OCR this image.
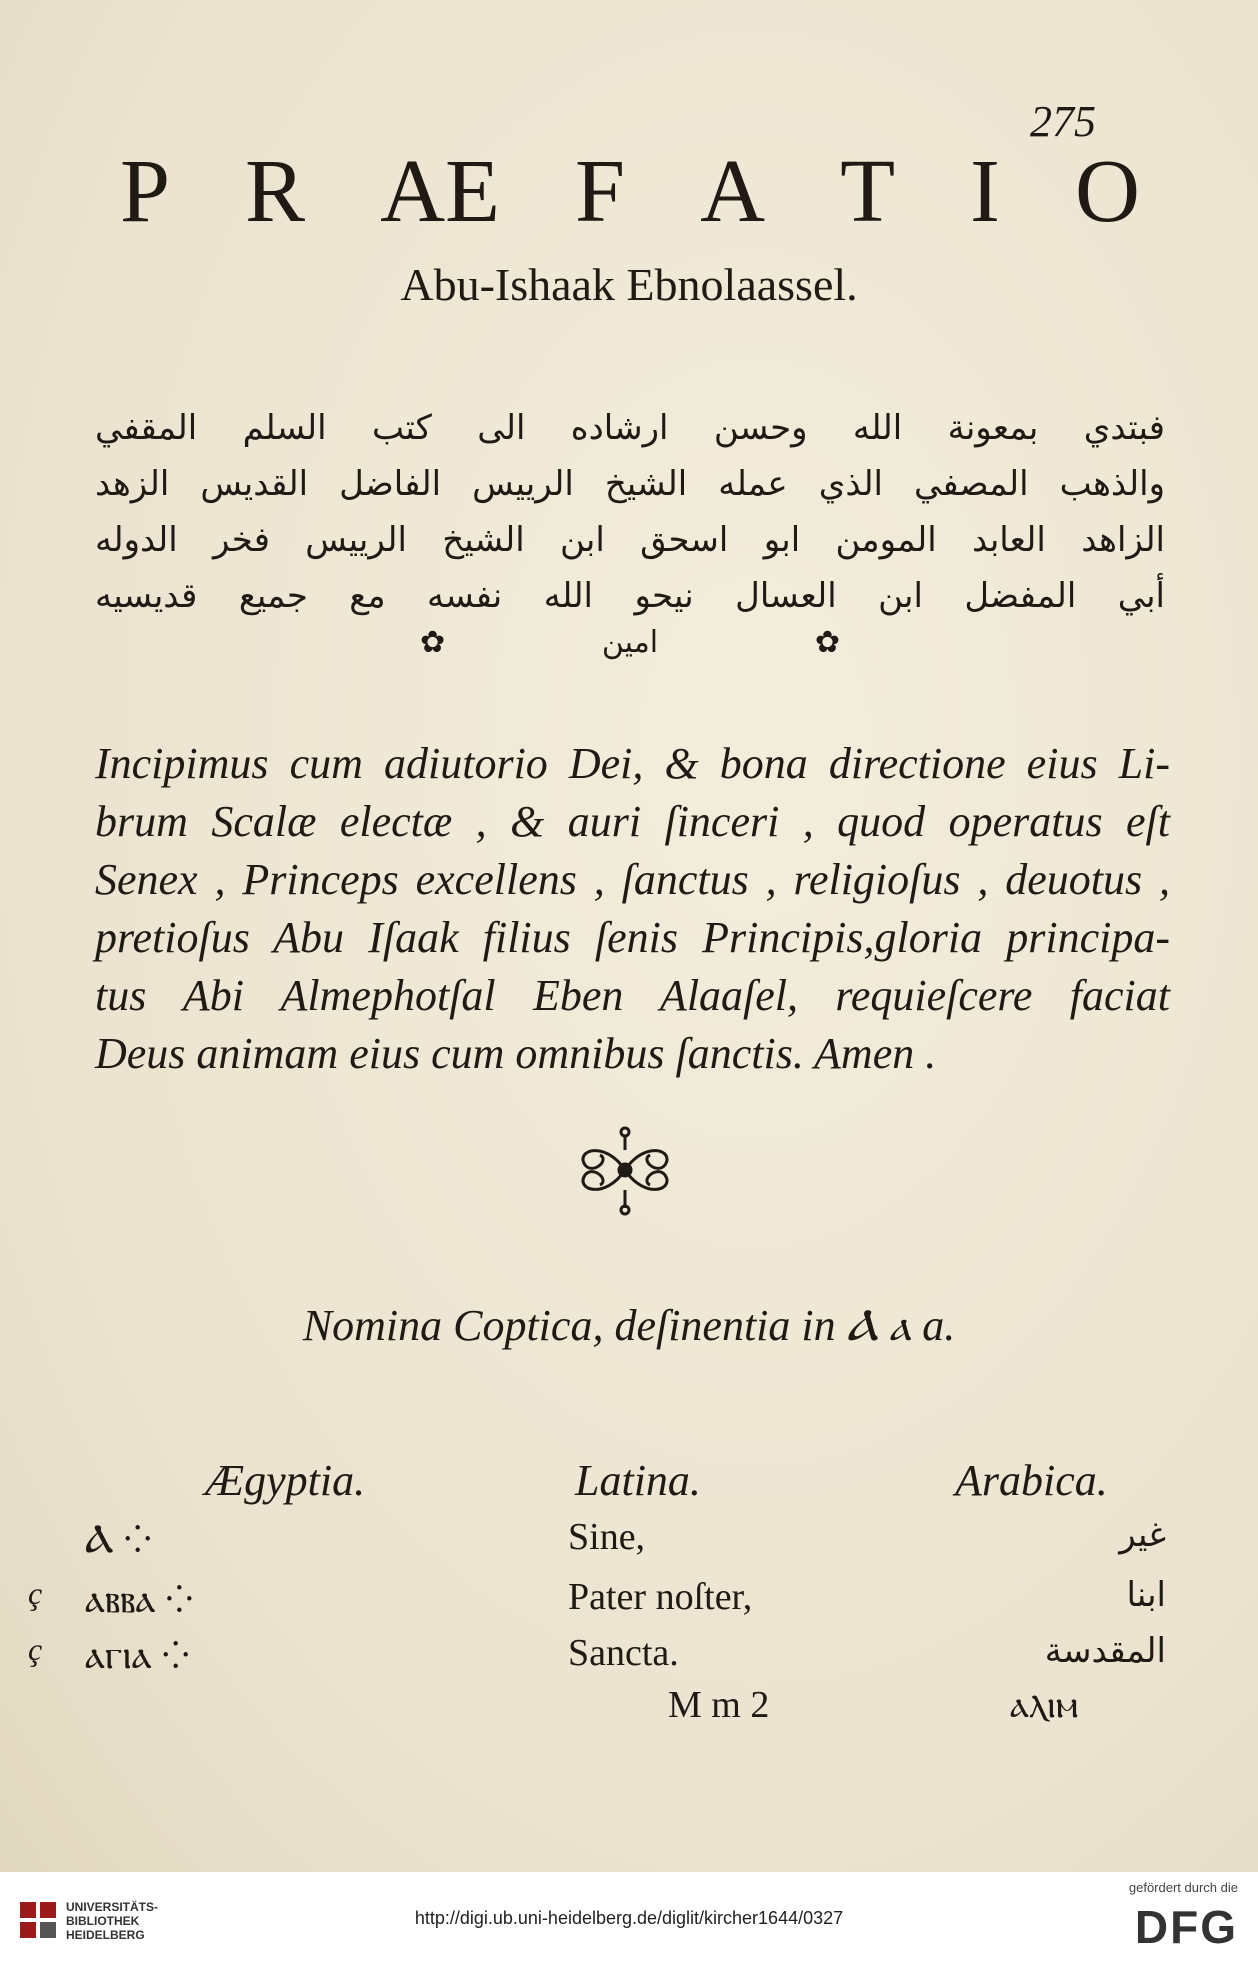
275
P R AE F A T I O
Abu-Ishaak Ebnolaassel.
فبتدي بمعونة الله وحسن ارشاده الى كتب السلم المقفي
والذهب المصفي الذي عمله الشيخ الرييس الفاضل القديس الزهد
الزاهد العابد المومن ابو اسحق ابن الشيخ الرييس فخر الدوله
أبي المفضل ابن العسال نيحو الله نفسه مع جميع قديسيه
✿	امين	✿
Incipimus cum adiutorio Dei, & bona directione eius Li-
brum Scalæ electæ , & auri ſinceri , quod operatus eſt
Senex , Princeps excellens , ſanctus , religioſus , deuotus ,
pretioſus Abu Iſaak filius ſenis Principis,gloria principa-
tus Abi Almephotſal Eben Alaaſel, requieſcere faciat
Deus animam eius cum omnibus ſanctis. Amen .
Nomina Coptica, deſinentia in Ⲁ ⲁ a.
Ægyptia.	Latina.	Arabica.
Ⲁ ⁘	Sine,	غير
ç ⲁⲃⲃⲁ ⁘	Pater noſter,	ابنا
ç ⲁⲅⲓⲁ ⁘	Sancta.	المقدسة
M m 2	ⲁⲗⲓⲙ
UNIVERSITÄTS-
BIBLIOTHEK
HEIDELBERG
http://digi.ub.uni-heidelberg.de/diglit/kircher1644/0327
gefördert durch die
DFG
